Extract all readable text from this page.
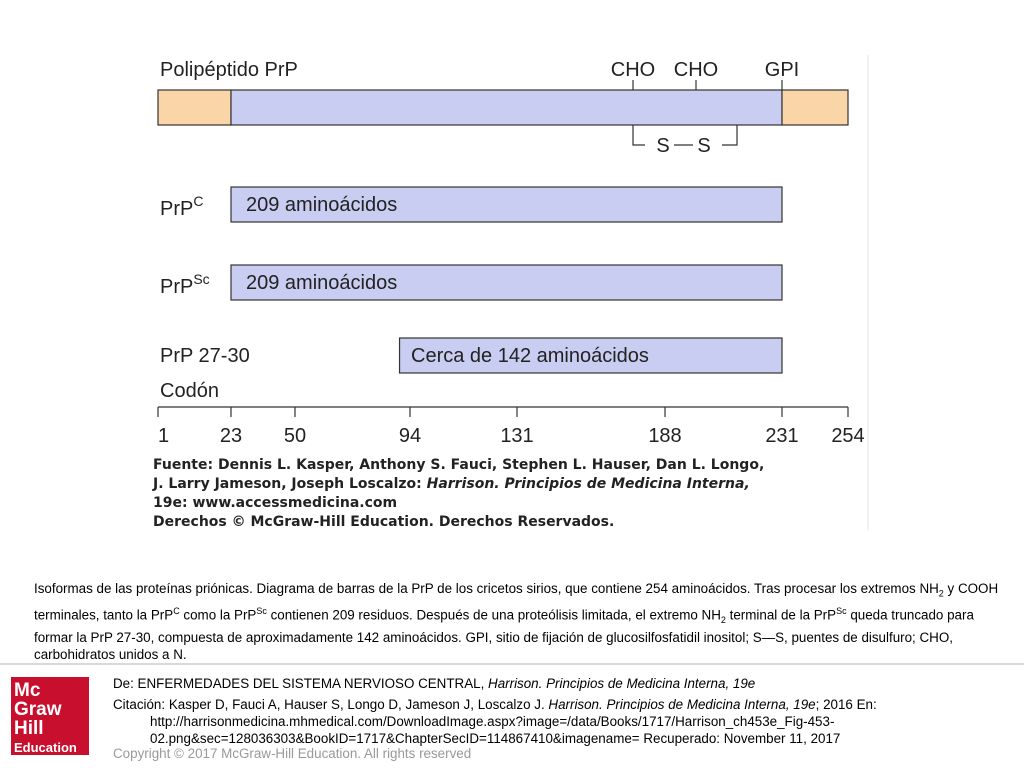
Polipéptido PrP	CHO CHO GPI
S S
PrP$^C$ 209 aminoácidos
PrP$^{Sc}$ 209 aminoácidos
PrP 27-30	Cerca de 142 aminoácidos
Codón
1	23 50	94	131	188	231 254
Fuente: Dennis L. Kasper, Anthony S. Fauci, Stephen L. Hauser, Dan L. Longo,
J. Larry Jameson, Joseph Loscalzo: Harrison. Principios de Medicina Interna,
19e: www.accessmedicina.com
Derechos © McGraw-Hill Education. Derechos Reservados.
Isoformas de las proteínas priónicas. Diagrama de barras de la PrP de los cricetos sirios, que contiene 254 aminoácidos. Tras procesar los extremos $NH_2$ y COOH terminales, tanto la PrP$^C$ como la PrP$^{Sc}$ contienen 209 residuos. Después de una proteólisis limitada, el extremo $NH_2$ terminal de la PrP$^{Sc}$ queda truncado para formar la PrP 27-30, compuesta de aproximadamente 142 aminoácidos. GPI, sitio de fijación de glucosilfosfatidil inositol; S—S, puentes de disulfuro; CHO, carbohidratos unidos a N.
Mc
Graw
Hill
Education
De: ENFERMEDADES DEL SISTEMA NERVIOSO CENTRAL, Harrison. Principios de Medicina Interna, 19e
Citación: Kasper D, Fauci A, Hauser S, Longo D, Jameson J, Loscalzo J. Harrison. Principios de Medicina Interna, 19e; 2016 En:
http://harrisonmedicina.mhmedical.com/DownloadImage.aspx?image=/data/Books/1717/Harrison_ch453e_Fig-453-
02.png&sec=128036303&BookID=1717&ChapterSecID=114867410&imagename= Recuperado: November 11, 2017
Copyright © 2017 McGraw-Hill Education. All rights reserved
